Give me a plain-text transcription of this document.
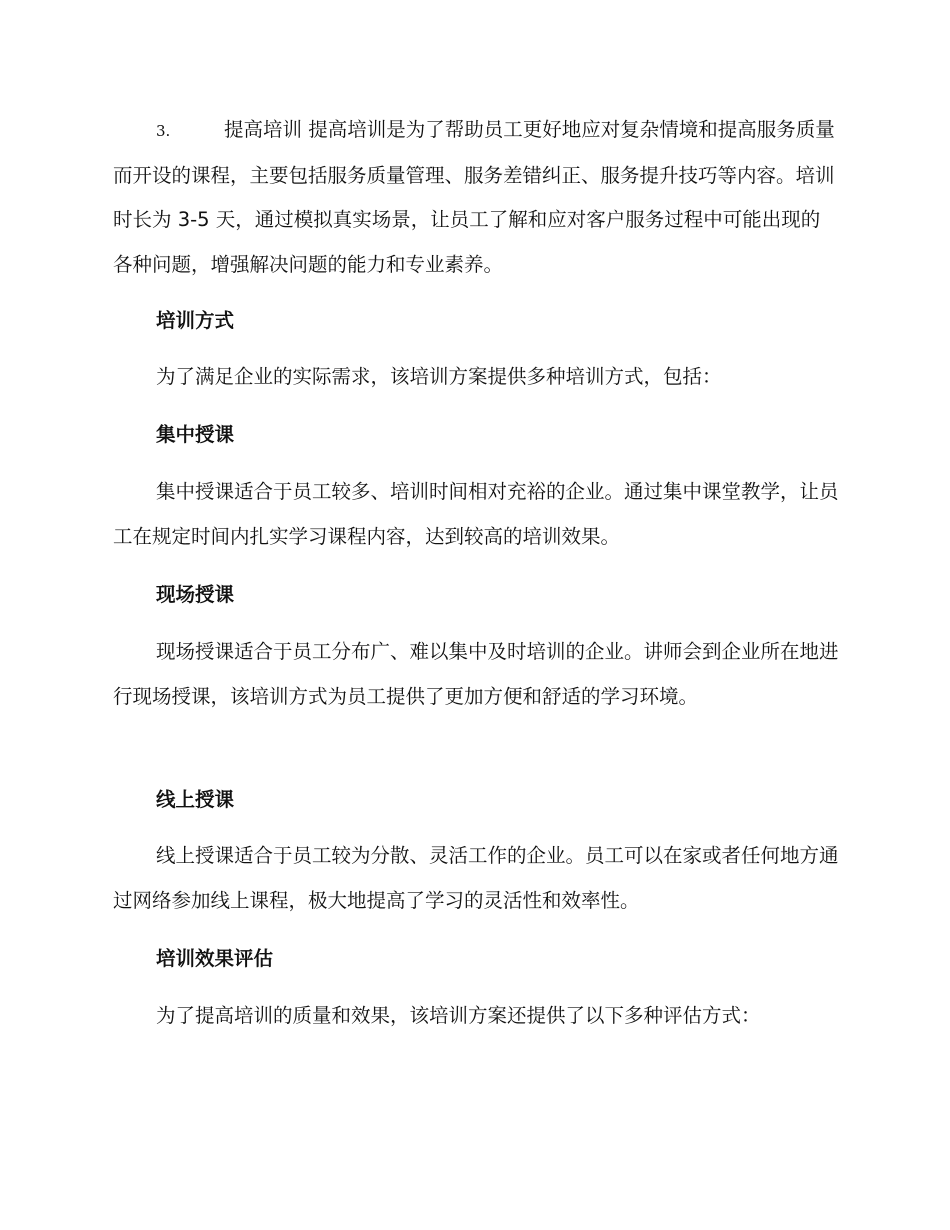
3.	提高培训 提高培训是为了帮助员工更好地应对复杂情境和提高服务质量而开设的课程，主要包括服务质量管理、服务差错纠正、服务提升技巧等内容。培训时长为 3-5 天，通过模拟真实场景，让员工了解和应对客户服务过程中可能出现的各种问题，增强解决问题的能力和专业素养。

培训方式

为了满足企业的实际需求，该培训方案提供多种培训方式，包括：

集中授课

集中授课适合于员工较多、培训时间相对充裕的企业。通过集中课堂教学，让员工在规定时间内扎实学习课程内容，达到较高的培训效果。

现场授课

现场授课适合于员工分布广、难以集中及时培训的企业。讲师会到企业所在地进行现场授课，该培训方式为员工提供了更加方便和舒适的学习环境。

线上授课

线上授课适合于员工较为分散、灵活工作的企业。员工可以在家或者任何地方通过网络参加线上课程，极大地提高了学习的灵活性和效率性。

培训效果评估

为了提高培训的质量和效果，该培训方案还提供了以下多种评估方式：
